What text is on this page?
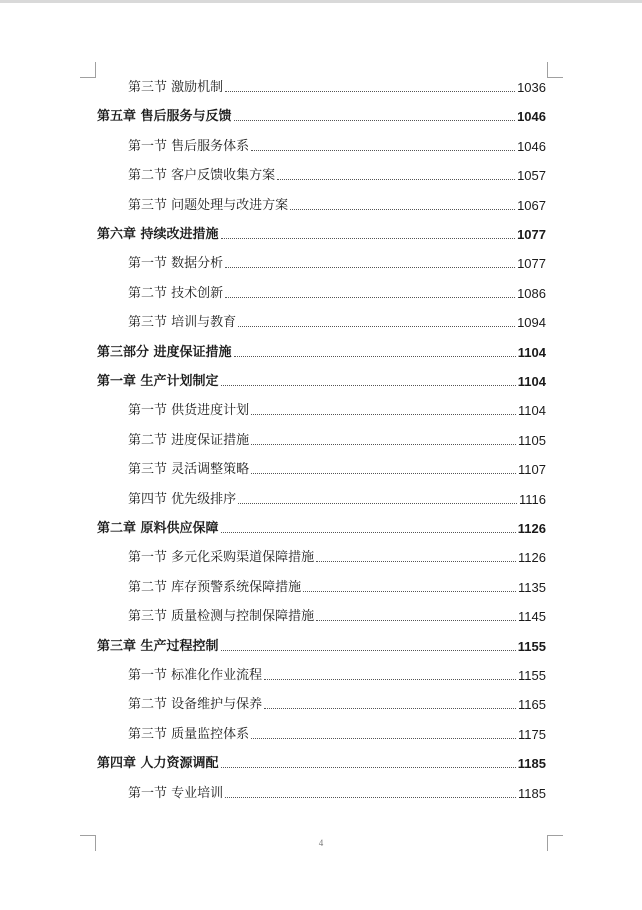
第三节 激励机制	1036
第五章 售后服务与反馈	1046
第一节 售后服务体系	1046
第二节 客户反馈收集方案	1057
第三节 问题处理与改进方案	1067
第六章 持续改进措施	1077
第一节 数据分析	1077
第二节 技术创新	1086
第三节 培训与教育	1094
第三部分 进度保证措施	1104
第一章 生产计划制定	1104
第一节 供货进度计划	1104
第二节 进度保证措施	1105
第三节 灵活调整策略	1107
第四节 优先级排序	1116
第二章 原料供应保障	1126
第一节 多元化采购渠道保障措施	1126
第二节 库存预警系统保障措施	1135
第三节 质量检测与控制保障措施	1145
第三章 生产过程控制	1155
第一节 标准化作业流程	1155
第二节 设备维护与保养	1165
第三节 质量监控体系	1175
第四章 人力资源调配	1185
第一节 专业培训	1185
4
